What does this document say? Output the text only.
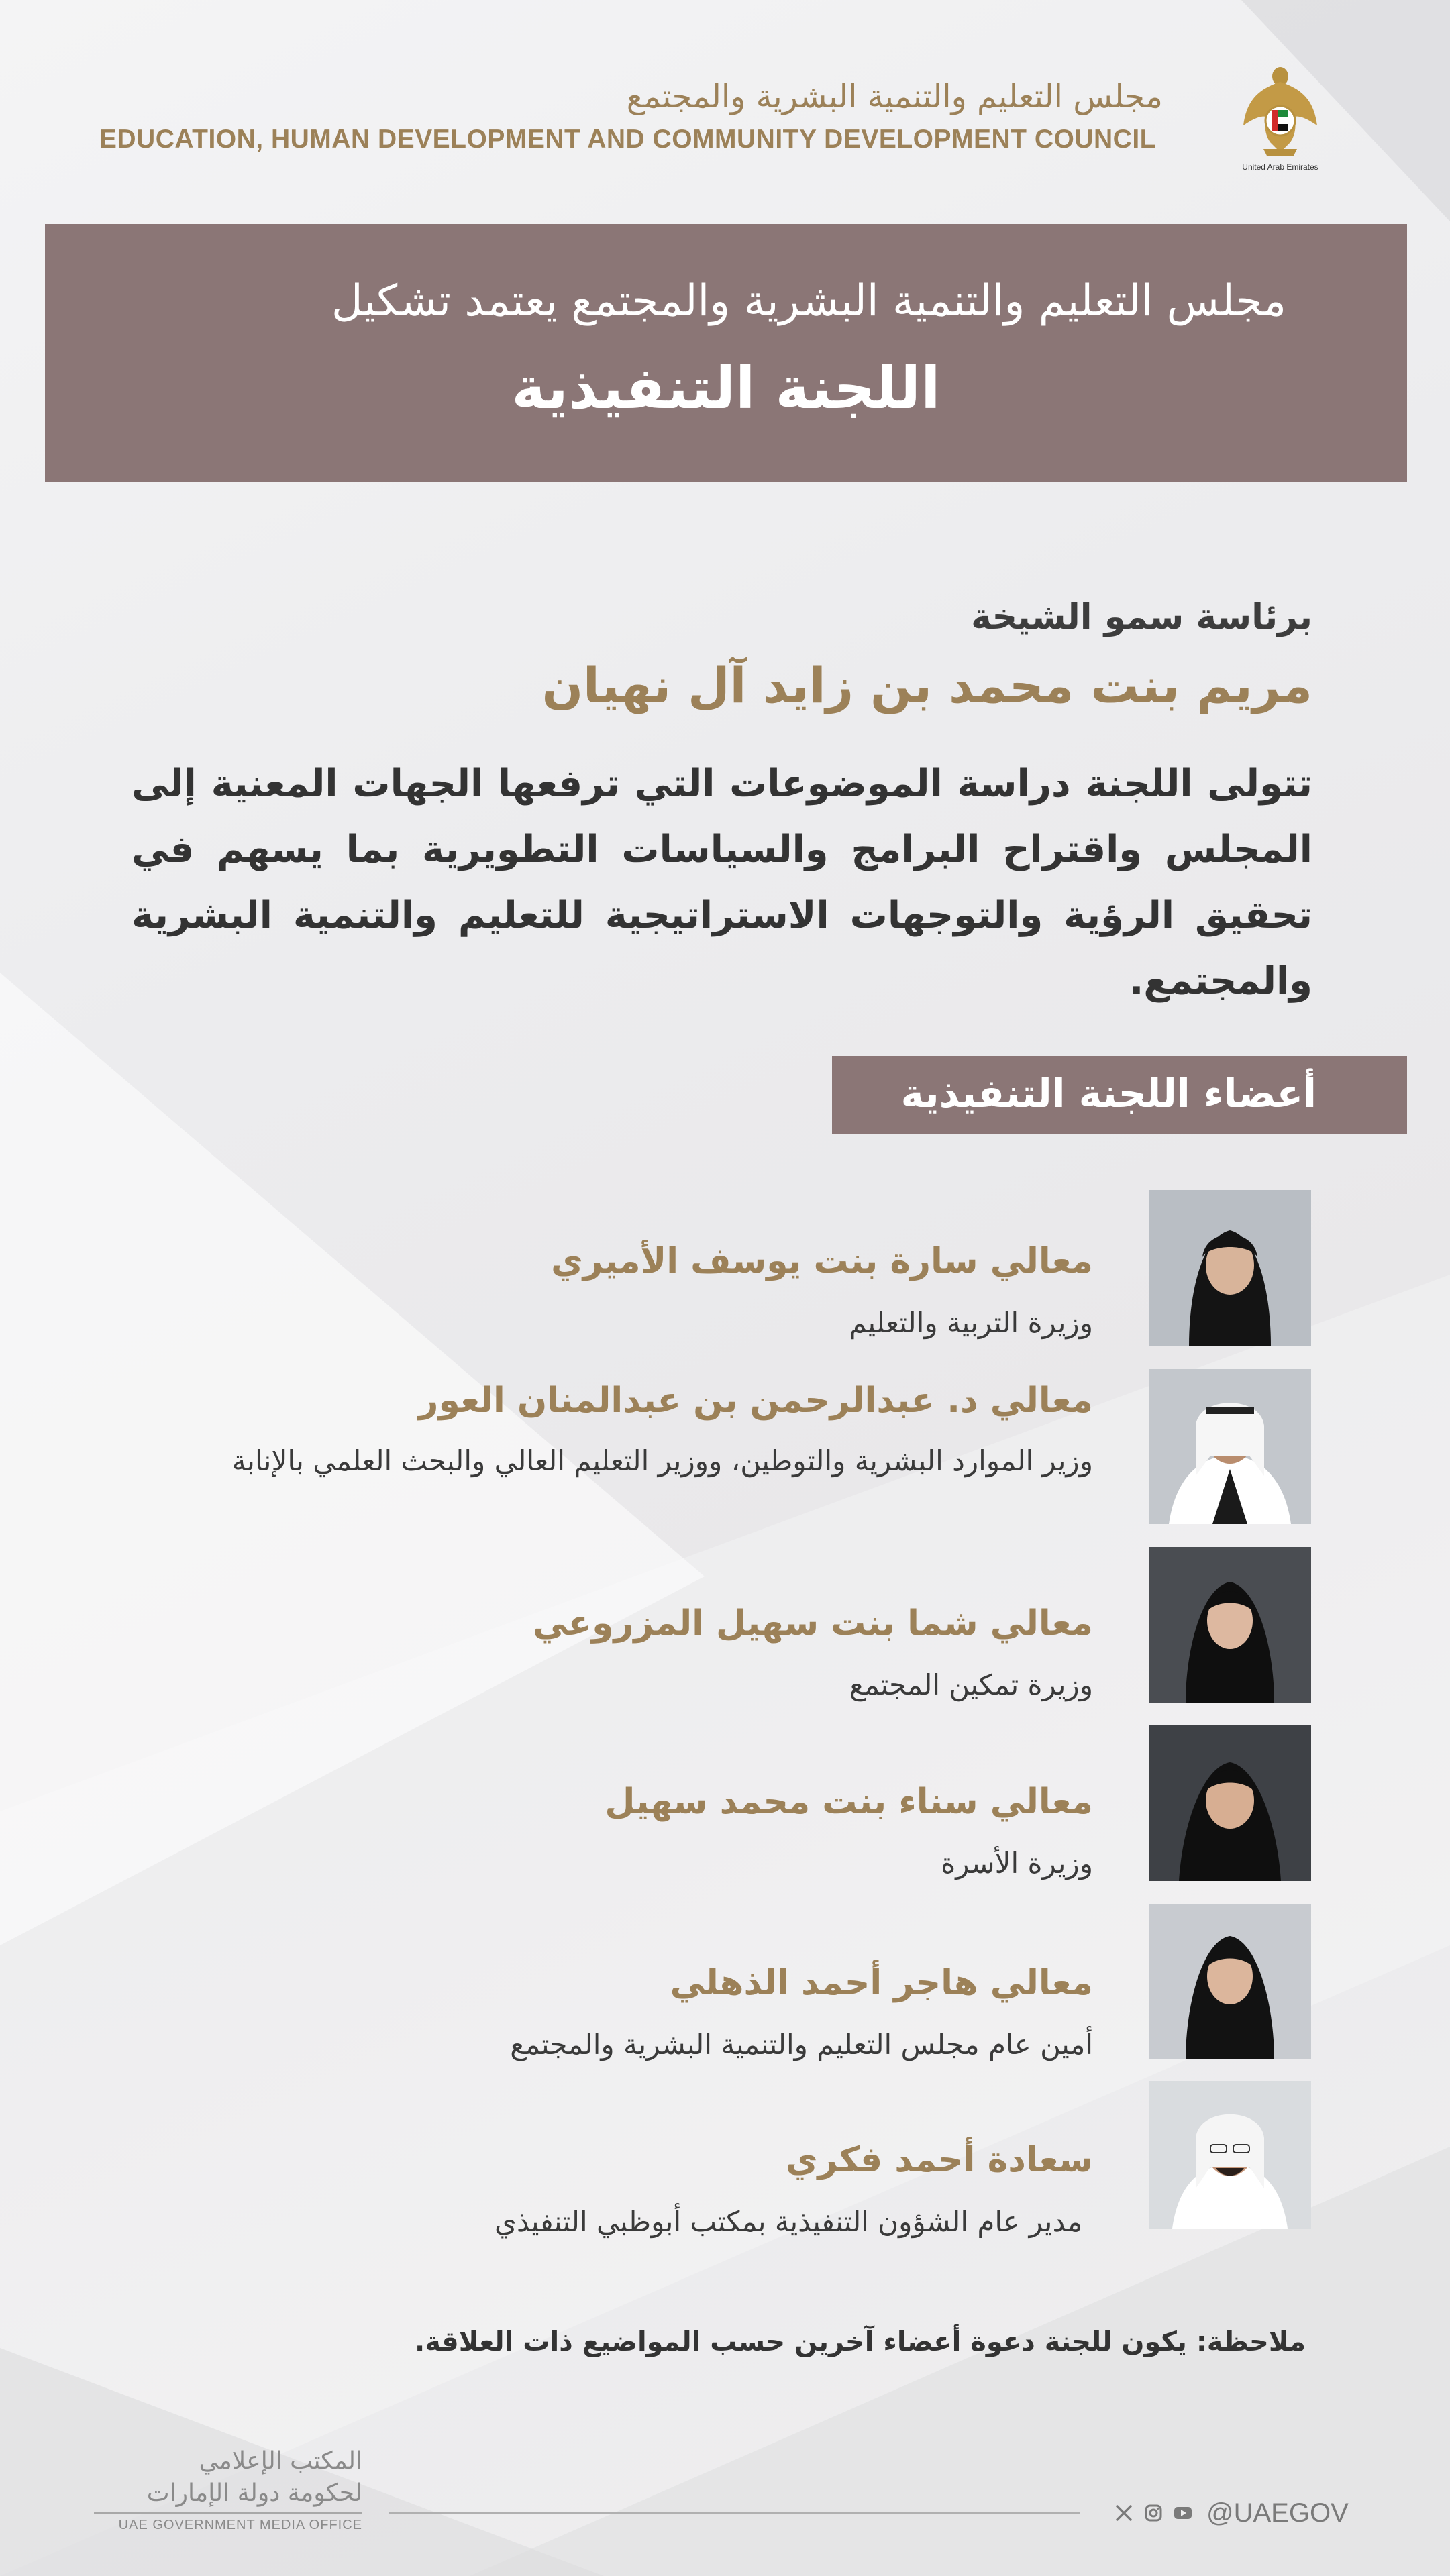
مجلس التعليم والتنمية البشرية والمجتمع
EDUCATION, HUMAN DEVELOPMENT AND COMMUNITY DEVELOPMENT COUNCIL
United Arab Emirates
مجلس التعليم والتنمية البشرية والمجتمع يعتمد تشكيل
اللجنة التنفيذية
برئاسة سمو الشيخة
مريم بنت محمد بن زايد آل نهيان
تتولى اللجنة دراسة الموضوعات التي ترفعها الجهات المعنية إلى المجلس واقتراح البرامج والسياسات التطويرية بما يسهم في تحقيق الرؤية والتوجهات الاستراتيجية للتعليم والتنمية البشرية والمجتمع.
أعضاء اللجنة التنفيذية
معالي سارة بنت يوسف الأميري
وزيرة التربية والتعليم
معالي د. عبدالرحمن بن عبدالمنان العور
وزير الموارد البشرية والتوطين، ووزير التعليم العالي والبحث العلمي بالإنابة
معالي شما بنت سهيل المزروعي
وزيرة تمكين المجتمع
معالي سناء بنت محمد سهيل
وزيرة الأسرة
معالي هاجر أحمد الذهلي
أمين عام مجلس التعليم والتنمية البشرية والمجتمع
سعادة أحمد فكري
مدير عام الشؤون التنفيذية بمكتب أبوظبي التنفيذي
ملاحظة: يكون للجنة دعوة أعضاء آخرين حسب المواضيع ذات العلاقة.
المكتب الإعلامي
لحكومة دولة الإمارات
UAE GOVERNMENT MEDIA OFFICE	@UAEGOV
